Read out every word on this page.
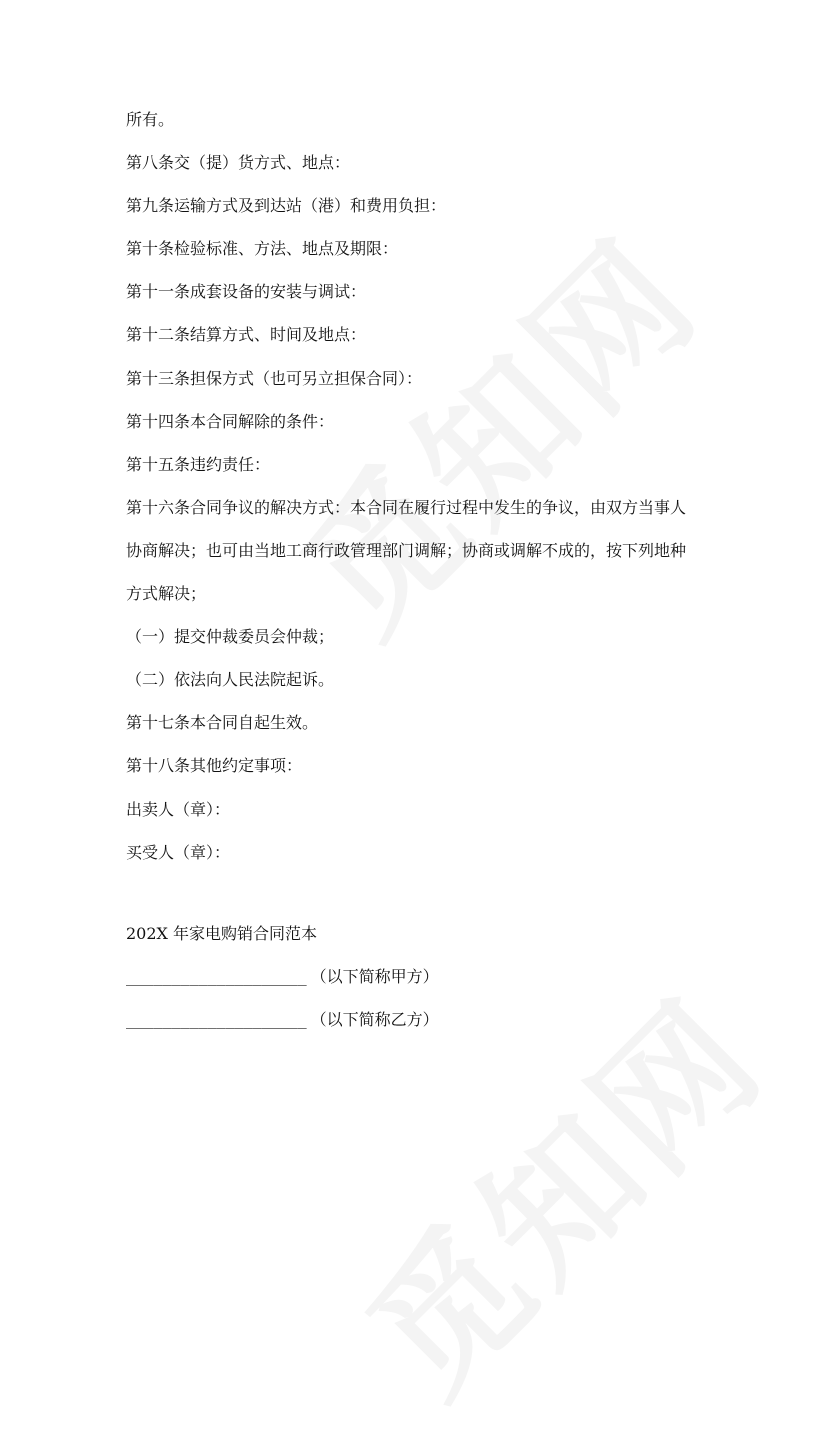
所有。
第八条交（提）货方式、地点：
第九条运输方式及到达站（港）和费用负担：
第十条检验标准、方法、地点及期限：
第十一条成套设备的安装与调试：
第十二条结算方式、时间及地点：
第十三条担保方式（也可另立担保合同）：
第十四条本合同解除的条件：
第十五条违约责任：
第十六条合同争议的解决方式：本合同在履行过程中发生的争议，由双方当事人
协商解决；也可由当地工商行政管理部门调解；协商或调解不成的，按下列地种
方式解决；
（一）提交仲裁委员会仲裁；
（二）依法向人民法院起诉。
第十七条本合同自起生效。
第十八条其他约定事项：
出卖人（章）：
买受人（章）：
202X 年家电购销合同范本
____________________ （以下简称甲方）
____________________ （以下简称乙方）
